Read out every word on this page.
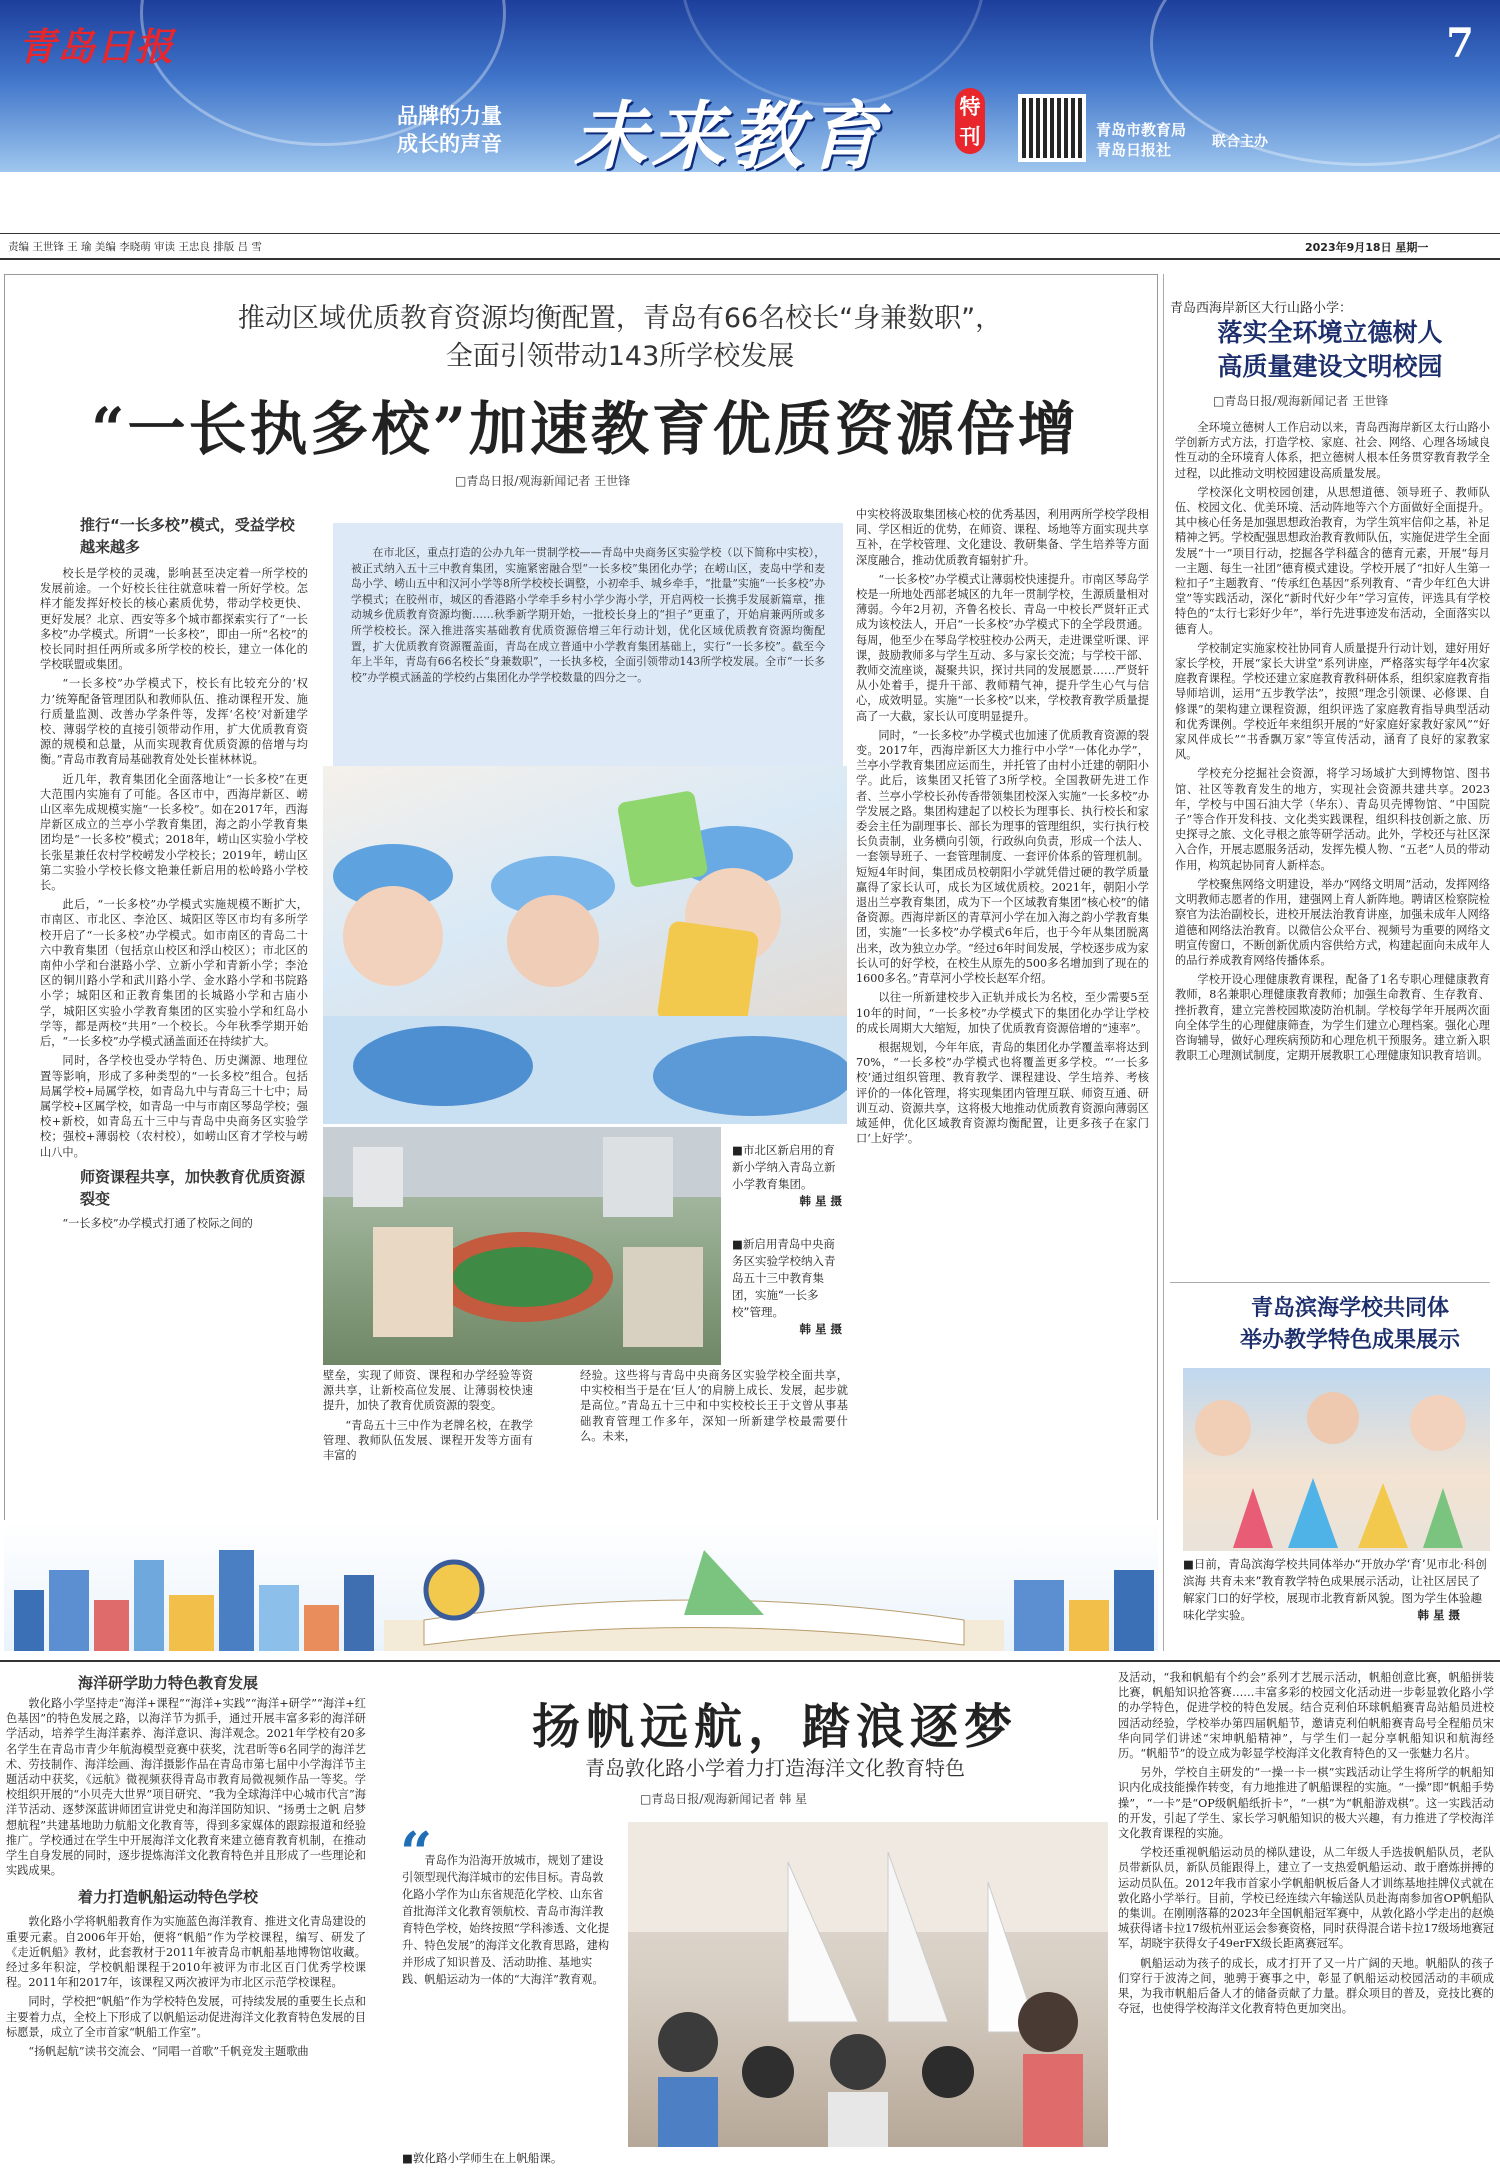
青岛日报	7
品牌的力量
成长的声音 未来教育	特刊	青岛市教育局
青岛日报社	联合主办
责编 王世锋 王 瑜 美编 李晓萌 审读 王忠良 排版 吕 雪	2023年9月18日 星期一
推动区域优质教育资源均衡配置，青岛有66名校长“身兼数职”，
全面引领带动143所学校发展
“一长执多校”加速教育优质资源倍增
□青岛日报/观海新闻记者 王世锋
推行“一长多校”模式，受益学校越来越多

校长是学校的灵魂，影响甚至决定着一所学校的发展前途。一个好校长往往就意味着一所好学校。怎样才能发挥好校长的核心素质优势，带动学校更快、更好发展？北京、西安等多个城市都探索实行了“一长多校”办学模式。所谓“一长多校”，即由一所“名校”的校长同时担任两所或多所学校的校长，建立一体化的学校联盟或集团。

“一长多校”办学模式下，校长有比较充分的‘权力’统筹配备管理团队和教师队伍、推动课程开发、施行质量监测、改善办学条件等，发挥‘名校’对新建学校、薄弱学校的直接引领带动作用，扩大优质教育资源的规模和总量，从而实现教育优质资源的倍增与均衡。”青岛市教育局基础教育处处长崔林林说。

近几年，教育集团化全面落地让“一长多校”在更大范围内实施有了可能。各区市中，西海岸新区、崂山区率先成规模实施“一长多校”。如在2017年，西海岸新区成立的兰亭小学教育集团，海之韵小学教育集团均是“一长多校”模式；2018年，崂山区实验小学校长张星兼任农村学校崂发小学校长；2019年，崂山区第二实验小学校长修文艳兼任新启用的松岭路小学校长。

此后，“一长多校”办学模式实施规模不断扩大，市南区、市北区、李沧区、城阳区等区市均有多所学校开启了“一长多校”办学模式。如市南区的青岛二十六中教育集团（包括京山校区和浮山校区）；市北区的南仲小学和台湛路小学、立新小学和青新小学；李沧区的铜川路小学和武川路小学、金水路小学和书院路小学；城阳区和正教育集团的长城路小学和古庙小学，城阳区实验小学教育集团的区实验小学和红岛小学等，都是两校“共用”一个校长。今年秋季学期开始后，“一长多校”办学模式涵盖面还在持续扩大。

同时，各学校也受办学特色、历史渊源、地理位置等影响，形成了多种类型的“一长多校”组合。包括局属学校+局属学校，如青岛九中与青岛三十七中；局属学校+区属学校，如青岛一中与市南区琴岛学校；强校+新校，如青岛五十三中与青岛中央商务区实验学校；强校+薄弱校（农村校），如崂山区育才学校与崂山八中。

师资课程共享，加快教育优质资源裂变

“一长多校”办学模式打通了校际之间的

在市北区，重点打造的公办九年一贯制学校——青岛中央商务区实验学校（以下简称中实校），被正式纳入五十三中教育集团，实施紧密融合型“一长多校”集团化办学；在崂山区，麦岛中学和麦岛小学、崂山五中和汉河小学等8所学校校长调整，小初牵手、城乡牵手，“批量”实施“一长多校”办学模式；在胶州市，城区的香港路小学牵手乡村小学少海小学，开启两校一长携手发展新篇章，推动城乡优质教育资源均衡……秋季新学期开始，一批校长身上的“担子”更重了，开始肩兼两所或多所学校校长。深入推进落实基础教育优质资源倍增三年行动计划，优化区域优质教育资源均衡配置，扩大优质教育资源覆盖面，青岛在成立普通中小学教育集团基础上，实行“一长多校”。截至今年上半年，青岛有66名校长“身兼数职”，一长执多校，全面引领带动143所学校发展。全市“一长多校”办学模式涵盖的学校约占集团化办学学校数量的四分之一。

■市北区新启用的育新小学纳入青岛立新小学教育集团。
韩 星 摄
■新启用青岛中央商务区实验学校纳入青岛五十三中教育集团，实施“一长多校”管理。
韩 星 摄

壁垒，实现了师资、课程和办学经验等资源共享，让新校高位发展、让薄弱校快速提升，加快了教育优质资源的裂变。

“青岛五十三中作为老牌名校，在教学管理、教师队伍发展、课程开发等方面有丰富的

经验。这些将与青岛中央商务区实验学校全面共享，中实校相当于是在‘巨人’的肩膀上成长、发展，起步就是高位。”青岛五十三中和中实校校长王于文曾从事基础教育管理工作多年，深知一所新建学校最需要什么。未来，

中实校将汲取集团核心校的优秀基因，利用两所学校学段相同、学区相近的优势，在师资、课程、场地等方面实现共享互补，在学校管理、文化建设、教研集备、学生培养等方面深度融合，推动优质教育辐射扩升。

“一长多校”办学模式让薄弱校快速提升。市南区琴岛学校是一所地处西部老城区的九年一贯制学校，生源质量相对薄弱。今年2月初，齐鲁名校长、青岛一中校长严贤轩正式成为该校法人，开启“一长多校”办学模式下的全学段贯通。每周，他至少在琴岛学校驻校办公两天，走进课堂听课、评课，鼓励教师多与学生互动、多与家长交流；与学校干部、教师交流座谈，凝聚共识，探讨共同的发展愿景……严贤轩从小处着手，提升干部、教师精气神，提升学生心气与信心，成效明显。实施“一长多校”以来，学校教育教学质量提高了一大截，家长认可度明显提升。

同时，“一长多校”办学模式也加速了优质教育资源的裂变。2017年，西海岸新区大力推行中小学“一体化办学”，兰亭小学教育集团应运而生，并托管了由村小迁建的朝阳小学。此后，该集团又托管了3所学校。全国教研先进工作者、兰亭小学校长孙传香带领集团校深入实施“一长多校”办学发展之路。集团构建起了以校长为理事长、执行校长和家委会主任为副理事长、部长为理事的管理组织，实行执行校长负责制，业务横向引领，行政纵向负责，形成一个法人、一套领导班子、一套管理制度、一套评价体系的管理机制。短短4年时间，集团成员校朝阳小学就凭借过硬的教学质量赢得了家长认可，成长为区域优质校。2021年，朝阳小学退出兰亭教育集团，成为下一个区域教育集团“核心校”的储备资源。西海岸新区的青草河小学在加入海之韵小学教育集团，实施“一长多校”办学模式6年后，也于今年从集团脱离出来，改为独立办学。“经过6年时间发展，学校逐步成为家长认可的好学校，在校生从原先的500多名增加到了现在的1600多名。”青草河小学校长赵军介绍。

以往一所新建校步入正轨并成长为名校，至少需要5至10年的时间，“一长多校”办学模式下的集团化办学让学校的成长周期大大缩短，加快了优质教育资源倍增的“速率”。

根据规划，今年年底，青岛的集团化办学覆盖率将达到70%，“一长多校”办学模式也将覆盖更多学校。“‘一长多校’通过组织管理、教育教学、课程建设、学生培养、考核评价的一体化管理，将实现集团内管理互联、师资互通、研训互动、资源共享，这将极大地推动优质教育资源向薄弱区域延伸，优化区域教育资源均衡配置，让更多孩子在家门口‘上好学’。

青岛西海岸新区大行山路小学：
落实全环境立德树人
高质量建设文明校园
□青岛日报/观海新闻记者 王世锋

全环境立德树人工作启动以来，青岛西海岸新区太行山路小学创新方式方法，打造学校、家庭、社会、网络、心理各场域良性互动的全环境育人体系，把立德树人根本任务贯穿教育教学全过程，以此推动文明校园建设高质量发展。

学校深化文明校园创建，从思想道德、领导班子、教师队伍、校园文化、优美环境、活动阵地等六个方面做好全面提升。其中核心任务是加强思想政治教育，为学生筑牢信仰之基，补足精神之钙。学校配强思想政治教育教师队伍，实施促进学生全面发展“十一”项目行动，挖掘各学科蕴含的德育元素，开展“每月一主题、每生一社团”德育模式建设。学校开展了“扣好人生第一粒扣子”主题教育、“传承红色基因”系列教育、“青少年红色大讲堂”等实践活动，深化“新时代好少年”学习宣传，评选具有学校特色的“太行七彩好少年”，举行先进事迹发布活动，全面落实以德育人。

学校制定实施家校社协同育人质量提升行动计划，建好用好家长学校，开展“家长大讲堂”系列讲座，严格落实每学年4次家庭教育课程。学校还建立家庭教育教科研体系，组织家庭教育指导师培训，运用“五步教学法”，按照“理念引领课、必修课、自修课”的架构建立课程资源，组织评选了家庭教育指导典型活动和优秀课例。学校近年来组织开展的“好家庭好家教好家风”“好家风伴成长”“书香飘万家”等宣传活动，涵育了良好的家教家风。

学校充分挖掘社会资源，将学习场域扩大到博物馆、图书馆、社区等教育发生的地方，实现社会资源共建共享。2023年，学校与中国石油大学（华东）、青岛贝壳博物馆、“中国院子”等合作开发科技、文化类实践课程，组织科技创新之旅、历史探寻之旅、文化寻根之旅等研学活动。此外，学校还与社区深入合作，开展志愿服务活动，发挥先模人物、“五老”人员的带动作用，构筑起协同育人新样态。

学校聚焦网络文明建设，举办“网络文明周”活动，发挥网络文明教师志愿者的作用，建强网上育人新阵地。聘请区检察院检察官为法治副校长，进校开展法治教育讲座，加强未成年人网络道德和网络法治教育。以微信公众平台、视频号为重要的网络文明宣传窗口，不断创新优质内容供给方式，构建起面向未成年人的品行养成教育网络传播体系。

学校开设心理健康教育课程，配备了1名专职心理健康教育教师，8名兼职心理健康教育教师；加强生命教育、生存教育、挫折教育，建立完善校园欺凌防治机制。学校每学年开展两次面向全体学生的心理健康筛查，为学生们建立心理档案。强化心理咨询辅导，做好心理疾病预防和心理危机干预服务。建立新入职教职工心理测试制度，定期开展教职工心理健康知识教育培训。

青岛滨海学校共同体
举办教学特色成果展示
■日前，青岛滨海学校共同体举办“开放办学‘育’见市北·科创滨海 共育未来”教育教学特色成果展示活动，让社区居民了解家门口的好学校，展现市北教育新风貌。图为学生体验趣味化学实验。	韩 星 摄
海洋研学助力特色教育发展

敦化路小学坚持走“海洋+课程”“海洋+实践”“海洋+研学”“海洋+红色基因”的特色发展之路，以海洋节为抓手，通过开展丰富多彩的海洋研学活动，培养学生海洋素养、海洋意识、海洋观念。2021年学校有20多名学生在青岛市青少年航海模型竞赛中获奖，沈君昕等6名同学的海洋艺术、劳技制作、海洋绘画、海洋摄影作品在青岛市第七届中小学海洋节主题活动中获奖，《远航》微视频获得青岛市教育局微视频作品一等奖。学校组织开展的“小贝壳大世界”项目研究、“我为全球海洋中心城市代言”海洋节活动、逐梦深蓝讲师团宣讲党史和海洋国防知识、“扬勇士之帆 启梦想航程”共建基地助力航船文化教育等，得到多家媒体的跟踪报道和经验推广。学校通过在学生中开展海洋文化教育来建立德育教育机制，在推动学生自身发展的同时，逐步提炼海洋文化教育特色并且形成了一些理论和实践成果。

着力打造帆船运动特色学校

敦化路小学将帆船教育作为实施蓝色海洋教育、推进文化青岛建设的重要元素。自2006年开始，便将“帆船”作为学校课程，编写、研发了《走近帆船》教材，此套教材于2011年被青岛市帆船基地博物馆收藏。经过多年积淀，学校帆船课程于2010年被评为市北区百门优秀学校课程。2011年和2017年，该课程又两次被评为市北区示范学校课程。

同时，学校把“帆船”作为学校特色发展，可持续发展的重要生长点和主要着力点，全校上下形成了以帆船运动促进海洋文化教育特色发展的目标愿景，成立了全市首家“帆船工作室”。

“扬帆起航”读书交流会、“同唱一首歌”千帆竞发主题歌曲

扬帆远航，踏浪逐梦
青岛敦化路小学着力打造海洋文化教育特色
□青岛日报/观海新闻记者 韩 星
“

青岛作为沿海开放城市，规划了建设引领型现代海洋城市的宏伟目标。青岛敦化路小学作为山东省规范化学校、山东省首批海洋文化教育领航校、青岛市海洋教育特色学校，始终按照“学科渗透、文化提升、特色发展”的海洋文化教育思路，建构并形成了知识普及、活动助推、基地实践、帆船运动为一体的“大海洋”教育观。

■敦化路小学师生在上帆船课。

及活动，“我和帆船有个约会”系列才艺展示活动，帆船创意比赛，帆船拼装比赛，帆船知识抢答赛……丰富多彩的校园文化活动进一步彰显敦化路小学的办学特色，促进学校的特色发展。结合克利伯环球帆船赛青岛站船员进校园活动经验，学校举办第四届帆船节，邀请克利伯帆船赛青岛号全程船员宋华向同学们讲述“宋坤帆船精神”，与学生们一起分享帆船知识和航海经历。“帆船节”的设立成为彰显学校海洋文化教育特色的又一张魅力名片。

另外，学校自主研发的“一操一卡一棋”实践活动让学生将所学的帆船知识内化成技能操作转变，有力地推进了帆船课程的实施。“一操”即“帆船手势操”，“一卡”是“OP级帆船纸折卡”，“一棋”为“帆船游戏棋”。这一实践活动的开发，引起了学生、家长学习帆船知识的极大兴趣，有力推进了学校海洋文化教育课程的实施。

学校还重视帆船运动员的梯队建设，从二年级人手选拔帆船队员，老队员带新队员，新队员能跟得上，建立了一支热爱帆船运动、敢于磨炼拼搏的运动员队伍。2012年我市首家小学帆船帆板后备人才训练基地挂牌仪式就在敦化路小学举行。目前，学校已经连续六年输送队员赴海南参加省OP帆船队的集训。在刚刚落幕的2023年全国帆船冠军赛中，从敦化路小学走出的赵焕城获得诸卡拉17级杭州亚运会参赛资格，同时获得混合诺卡拉17级场地赛冠军，胡晓宇获得女子49erFX级长距离赛冠军。

帆船运动为孩子的成长，成才打开了又一片广阔的天地。帆船队的孩子们穿行于波涛之间，驰骋于赛事之中，彰显了帆船运动校园活动的丰硕成果，为我市帆船后备人才的储备贡献了力量。群众项目的普及，竞技比赛的夺冠，也使得学校海洋文化教育特色更加突出。
